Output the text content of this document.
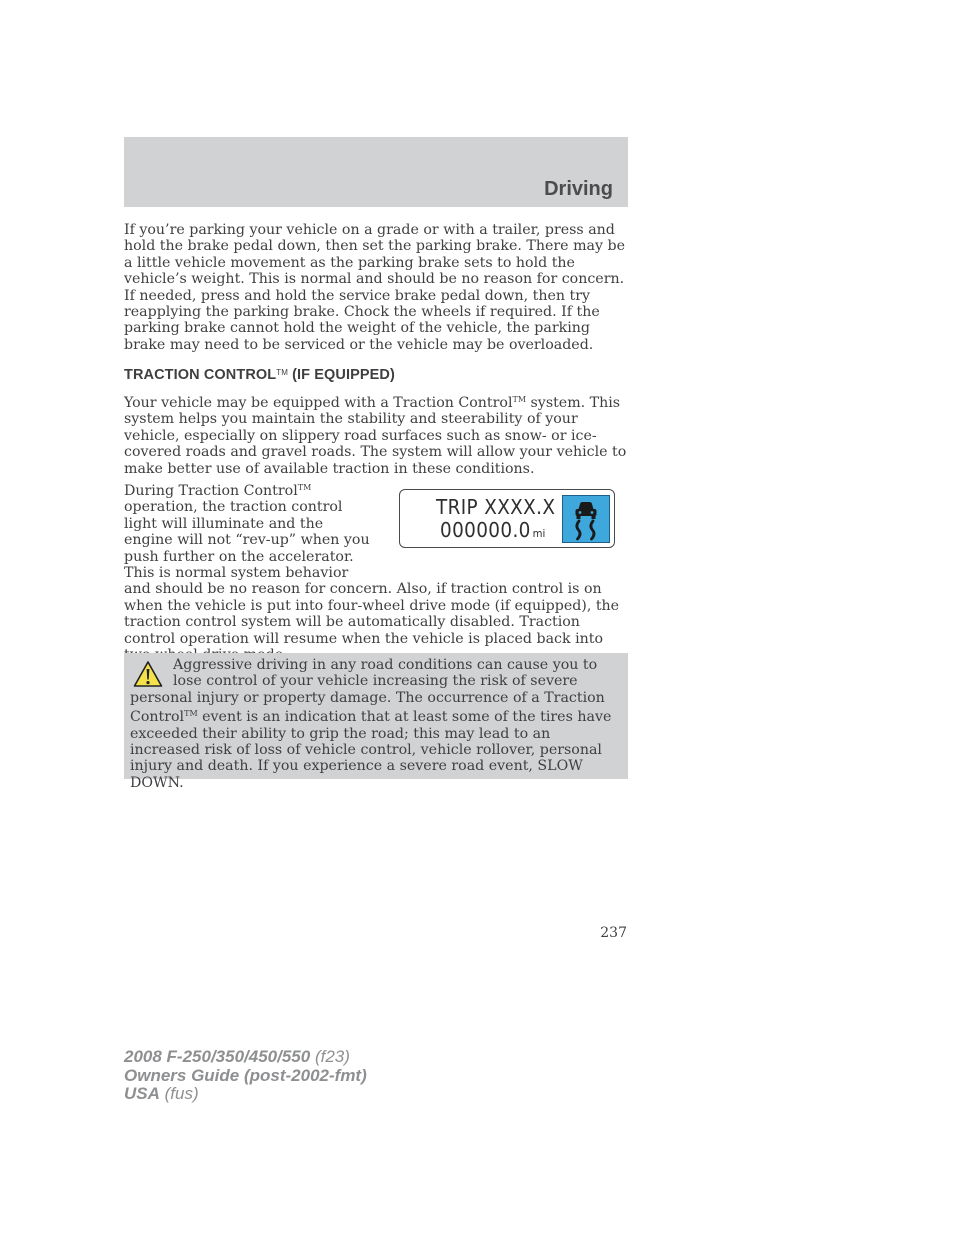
Driving

If you’re parking your vehicle on a grade or with a trailer, press and hold the brake pedal down, then set the parking brake. There may be a little vehicle movement as the parking brake sets to hold the vehicle’s weight. This is normal and should be no reason for concern. If needed, press and hold the service brake pedal down, then try reapplying the parking brake. Chock the wheels if required. If the parking brake cannot hold the weight of the vehicle, the parking brake may need to be serviced or the vehicle may be overloaded.

TRACTION CONTROL™ (IF EQUIPPED)

Your vehicle may be equipped with a Traction Control™ system. This system helps you maintain the stability and steerability of your vehicle, especially on slippery road surfaces such as snow- or ice-covered roads and gravel roads. The system will allow your vehicle to make better use of available traction in these conditions.

During Traction Control™ operation, the traction control light will illuminate and the engine will not “rev-up” when you push further on the accelerator. This is normal system behavior and should be no reason for concern. Also, if traction control is on when the vehicle is put into four-wheel drive mode (if equipped), the traction control system will be automatically disabled. Traction control operation will resume when the vehicle is placed back into

TRIP XXXX.X
000000.0 mi

Aggressive driving in any road conditions can cause you to lose control of your vehicle increasing the risk of severe personal injury or property damage. The occurrence of a Traction Control™ event is an indication that at least some of the tires have exceeded their ability to grip the road; this may lead to an increased risk of loss of vehicle control, vehicle rollover, personal injury and death. If you experience a severe road event, SLOW DOWN.

237
2008 F-250/350/450/550 (f23)
Owners Guide (post-2002-fmt)
USA (fus)
